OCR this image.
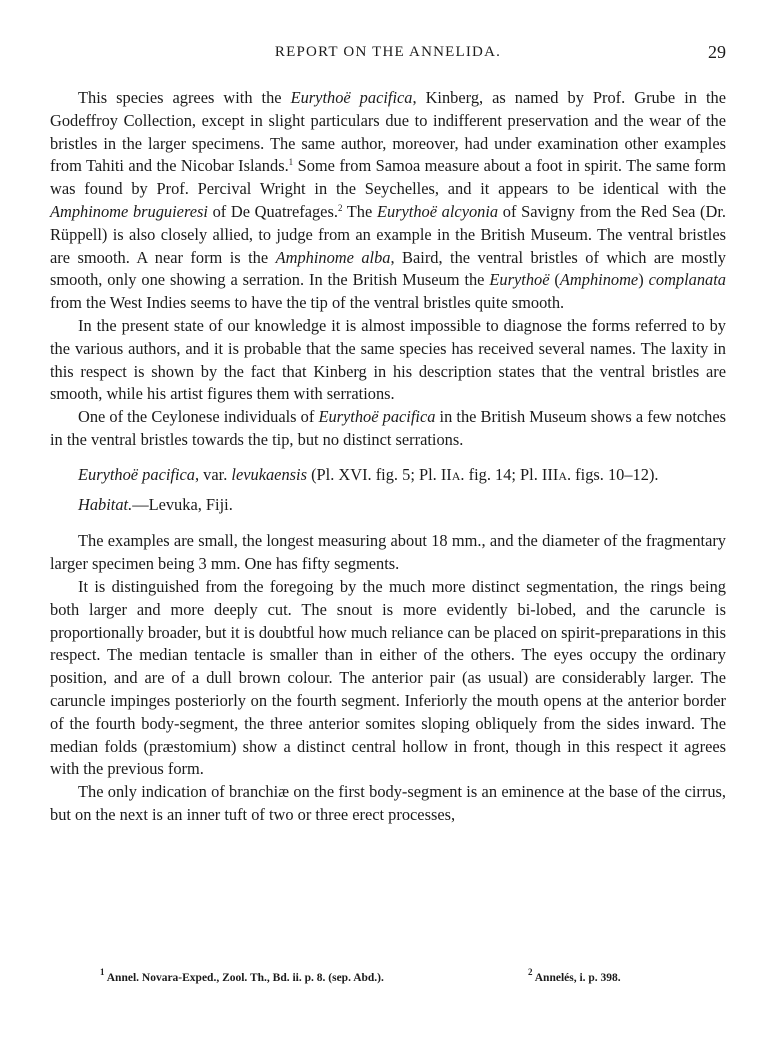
REPORT ON THE ANNELIDA.	29

This species agrees with the Eurythoë pacifica, Kinberg, as named by Prof. Grube in the Godeffroy Collection, except in slight particulars due to indifferent preservation and the wear of the bristles in the larger specimens. The same author, moreover, had under examination other examples from Tahiti and the Nicobar Islands.$^1$ Some from Samoa measure about a foot in spirit. The same form was found by Prof. Percival Wright in the Seychelles, and it appears to be identical with the Amphinome bruguieresi of De Quatrefages.$^2$ The Eurythoë alcyonia of Savigny from the Red Sea (Dr. Rüppell) is also closely allied, to judge from an example in the British Museum. The ventral bristles are smooth. A near form is the Amphinome alba, Baird, the ventral bristles of which are mostly smooth, only one showing a serration. In the British Museum the Eurythoë (Amphinome) complanata from the West Indies seems to have the tip of the ventral bristles quite smooth.

In the present state of our knowledge it is almost impossible to diagnose the forms referred to by the various authors, and it is probable that the same species has received several names. The laxity in this respect is shown by the fact that Kinberg in his description states that the ventral bristles are smooth, while his artist figures them with serrations.

One of the Ceylonese individuals of Eurythoë pacifica in the British Museum shows a few notches in the ventral bristles towards the tip, but no distinct serrations.

Eurythoë pacifica, var. levukaensis (Pl. XVI. fig. 5; Pl. IIA. fig. 14; Pl. IIIA. figs. 10–12).

Habitat.—Levuka, Fiji.

The examples are small, the longest measuring about 18 mm., and the diameter of the fragmentary larger specimen being 3 mm. One has fifty segments.

It is distinguished from the foregoing by the much more distinct segmentation, the rings being both larger and more deeply cut. The snout is more evidently bi-lobed, and the caruncle is proportionally broader, but it is doubtful how much reliance can be placed on spirit-preparations in this respect. The median tentacle is smaller than in either of the others. The eyes occupy the ordinary position, and are of a dull brown colour. The anterior pair (as usual) are considerably larger. The caruncle impinges posteriorly on the fourth segment. Inferiorly the mouth opens at the anterior border of the fourth body-segment, the three anterior somites sloping obliquely from the sides inward. The median folds (præstomium) show a distinct central hollow in front, though in this respect it agrees with the previous form.

The only indication of branchiæ on the first body-segment is an eminence at the base of the cirrus, but on the next is an inner tuft of two or three erect processes,

$^1$ Annel. Novara-Exped., Zool. Th., Bd. ii. p. 8. (sep. Abd.).	$^2$ Annelés, i. p. 398.
